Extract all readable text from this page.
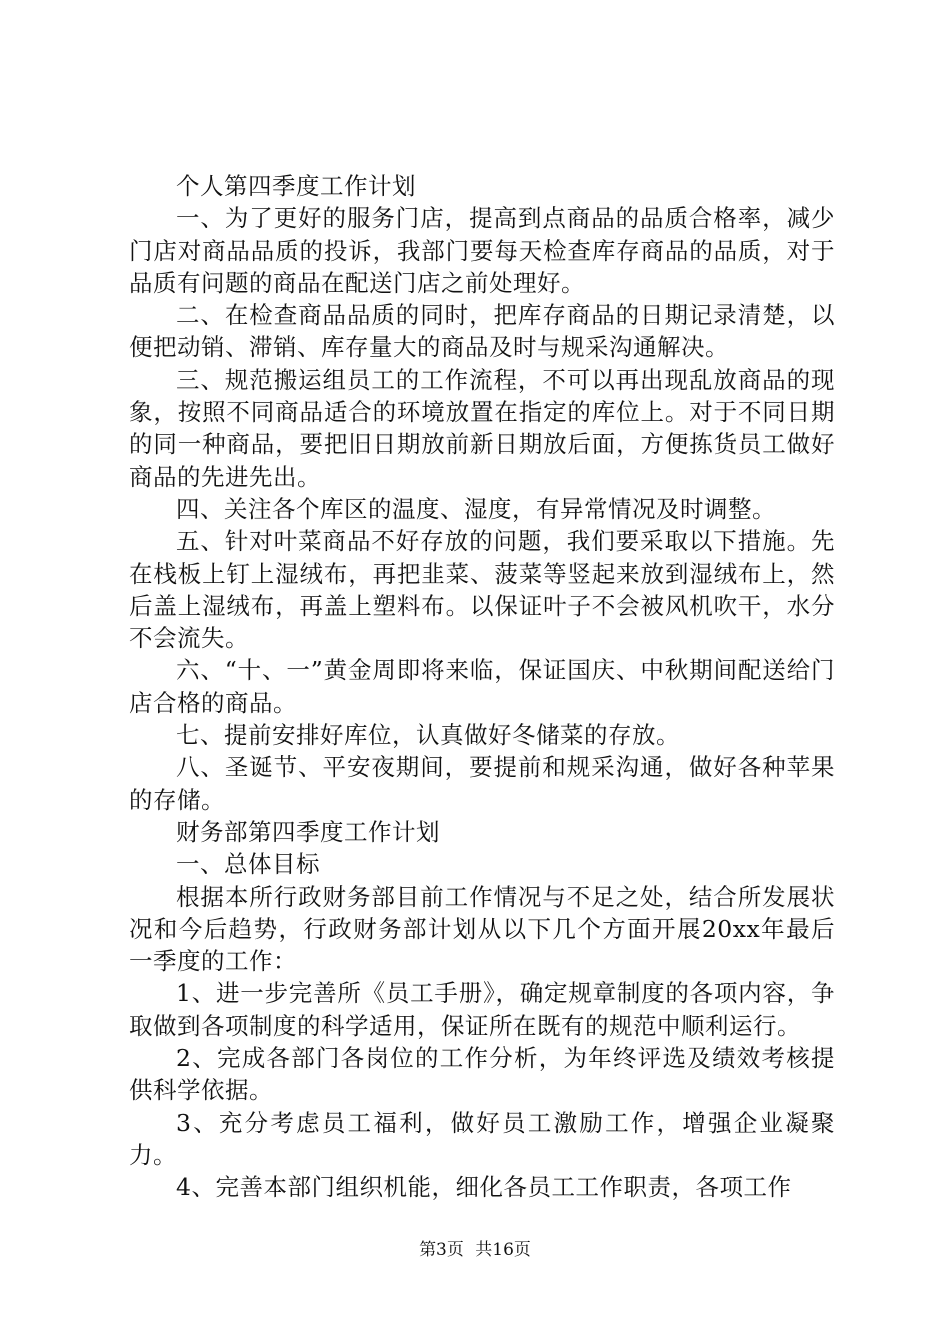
个人第四季度工作计划

一、为了更好的服务门店，提高到点商品的品质合格率，减少门店对商品品质的投诉，我部门要每天检查库存商品的品质，对于品质有问题的商品在配送门店之前处理好。

二、在检查商品品质的同时，把库存商品的日期记录清楚，以便把动销、滞销、库存量大的商品及时与规采沟通解决。

三、规范搬运组员工的工作流程，不可以再出现乱放商品的现象，按照不同商品适合的环境放置在指定的库位上。对于不同日期的同一种商品，要把旧日期放前新日期放后面，方便拣货员工做好商品的先进先出。

四、关注各个库区的温度、湿度，有异常情况及时调整。

五、针对叶菜商品不好存放的问题，我们要采取以下措施。先在栈板上钉上湿绒布，再把韭菜、菠菜等竖起来放到湿绒布上，然后盖上湿绒布，再盖上塑料布。以保证叶子不会被风机吹干，水分不会流失。

六、“十、一”黄金周即将来临，保证国庆、中秋期间配送给门店合格的商品。

七、提前安排好库位，认真做好冬储菜的存放。

八、圣诞节、平安夜期间，要提前和规采沟通，做好各种苹果的存储。

财务部第四季度工作计划

一、总体目标

根据本所行政财务部目前工作情况与不足之处，结合所发展状况和今后趋势，行政财务部计划从以下几个方面开展20xx年最后一季度的工作：

1、进一步完善所《员工手册》，确定规章制度的各项内容，争取做到各项制度的科学适用，保证所在既有的规范中顺利运行。

2、完成各部门各岗位的工作分析，为年终评选及绩效考核提供科学依据。

3、充分考虑员工福利，做好员工激励工作，增强企业凝聚力。

4、完善本部门组织机能，细化各员工工作职责，各项工作

第3页 共16页
